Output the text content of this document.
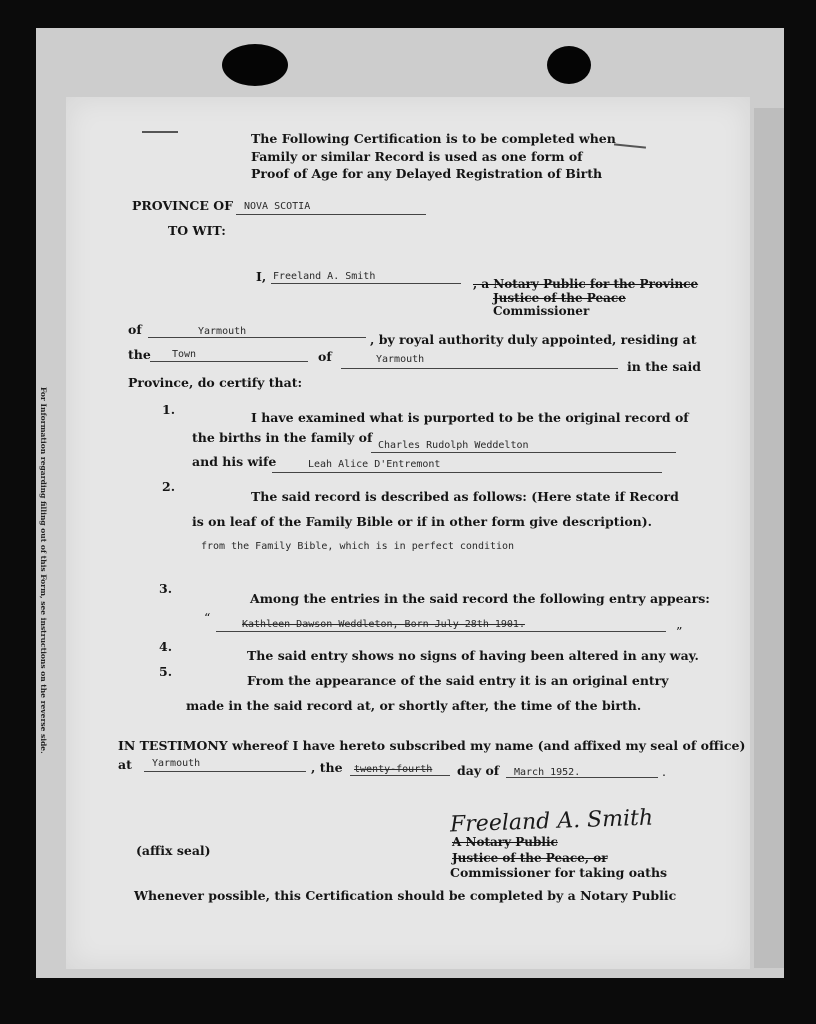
For Information regarding filling out of this Form, see instructions on the reverse side.
The Following Certification is to be completed when
Family or similar Record is used as one form of
Proof of Age for any Delayed Registration of Birth
PROVINCE OF NOVA SCOTIA
TO WIT:
I, Freeland A. Smith
, a Notary Public for the Province
Justice of the Peace
Commissioner
of	Yarmouth
, by royal authority duly appointed, residing at
the Town	of	Yarmouth	in the said
Province, do certify that:
1.
I have examined what is purported to be the original record of
the births in the family of
Charles Rudolph Weddelton
and his wife	Leah Alice D'Entremont
2.
The said record is described as follows: (Here state if Record
is on leaf of the Family Bible or if in other form give description).
from the Family Bible, which is in perfect condition
3.
Among the entries in the said record the following entry appears:
“	Kathleen Dawson Weddleton, Born July 28th 1901.	”
4.
The said entry shows no signs of having been altered in any way.
5.
From the appearance of the said entry it is an original entry
made in the said record at, or shortly after, the time of the birth.
IN TESTIMONY whereof I have hereto subscribed my name (and affixed my seal of office)
at Yarmouth	, the twenty-fourth day of March 1952.	.
Freeland A. Smith
A Notary Public
Justice of the Peace, or
Commissioner for taking oaths
(affix seal)
Whenever possible, this Certification should be completed by a Notary Public
